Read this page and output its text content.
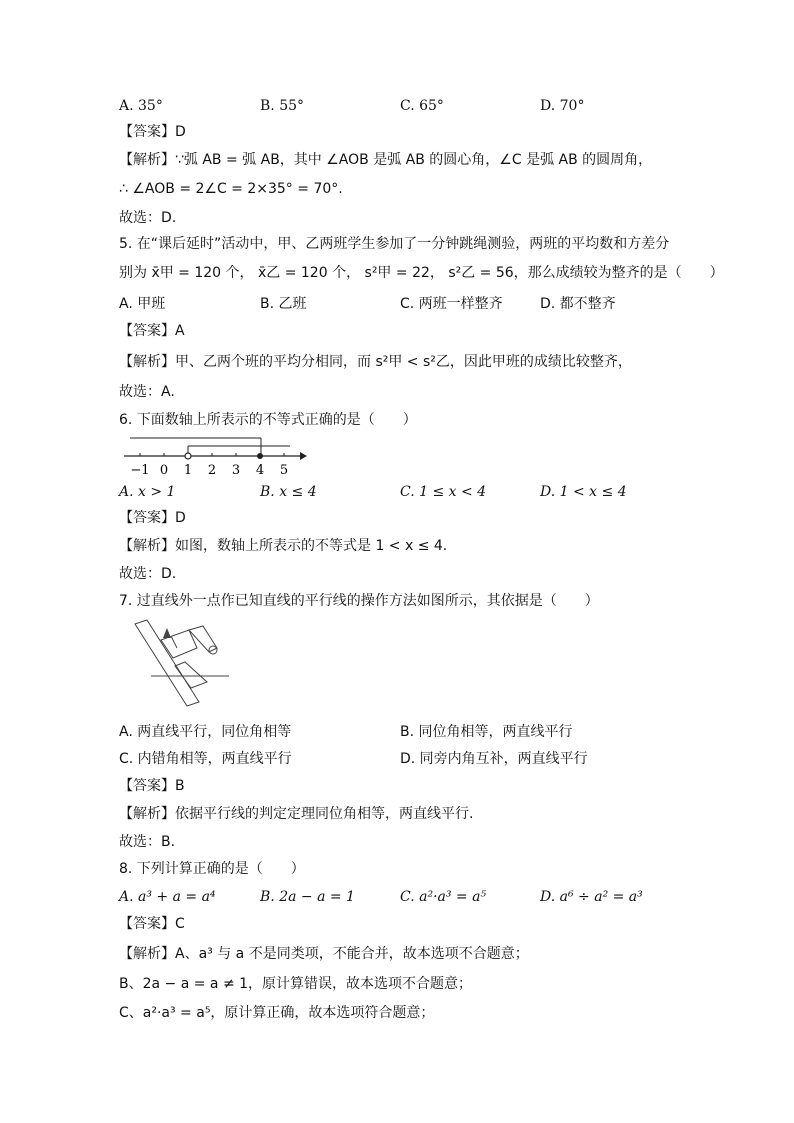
A. 35°	B. 55°	C. 65°	D. 70°
【答案】D
【解析】∵弧 AB = 弧 AB，其中 ∠AOB 是弧 AB 的圆心角，∠C 是弧 AB 的圆周角，
∴ ∠AOB = 2∠C = 2×35° = 70°.
故选：D.
5. 在“课后延时”活动中，甲、乙两班学生参加了一分钟跳绳测验，两班的平均数和方差分
别为 x̄甲 = 120 个， x̄乙 = 120 个， s²甲 = 22， s²乙 = 56，那么成绩较为整齐的是（　　）
A. 甲班	B. 乙班	C. 两班一样整齐	D. 都不整齐
【答案】A
【解析】甲、乙两个班的平均分相同，而 s²甲 < s²乙，因此甲班的成绩比较整齐，
故选：A.
6. 下面数轴上所表示的不等式正确的是（　　）
−1 0 1 2 3 4 5
A. x > 1	B. x ≤ 4	C. 1 ≤ x < 4	D. 1 < x ≤ 4
【答案】D
【解析】如图，数轴上所表示的不等式是 1 < x ≤ 4.
故选：D.
7. 过直线外一点作已知直线的平行线的操作方法如图所示，其依据是（　　）
A. 两直线平行，同位角相等	B. 同位角相等，两直线平行
C. 内错角相等，两直线平行	D. 同旁内角互补，两直线平行
【答案】B
【解析】依据平行线的判定定理同位角相等，两直线平行.
故选：B.
8. 下列计算正确的是（　　）
A. a³ + a = a⁴	B. 2a − a = 1	C. a²·a³ = a⁵	D. a⁶ ÷ a² = a³
【答案】C
【解析】A、a³ 与 a 不是同类项，不能合并，故本选项不合题意；
B、2a − a = a ≠ 1，原计算错误，故本选项不合题意；
C、a²·a³ = a⁵，原计算正确，故本选项符合题意；
